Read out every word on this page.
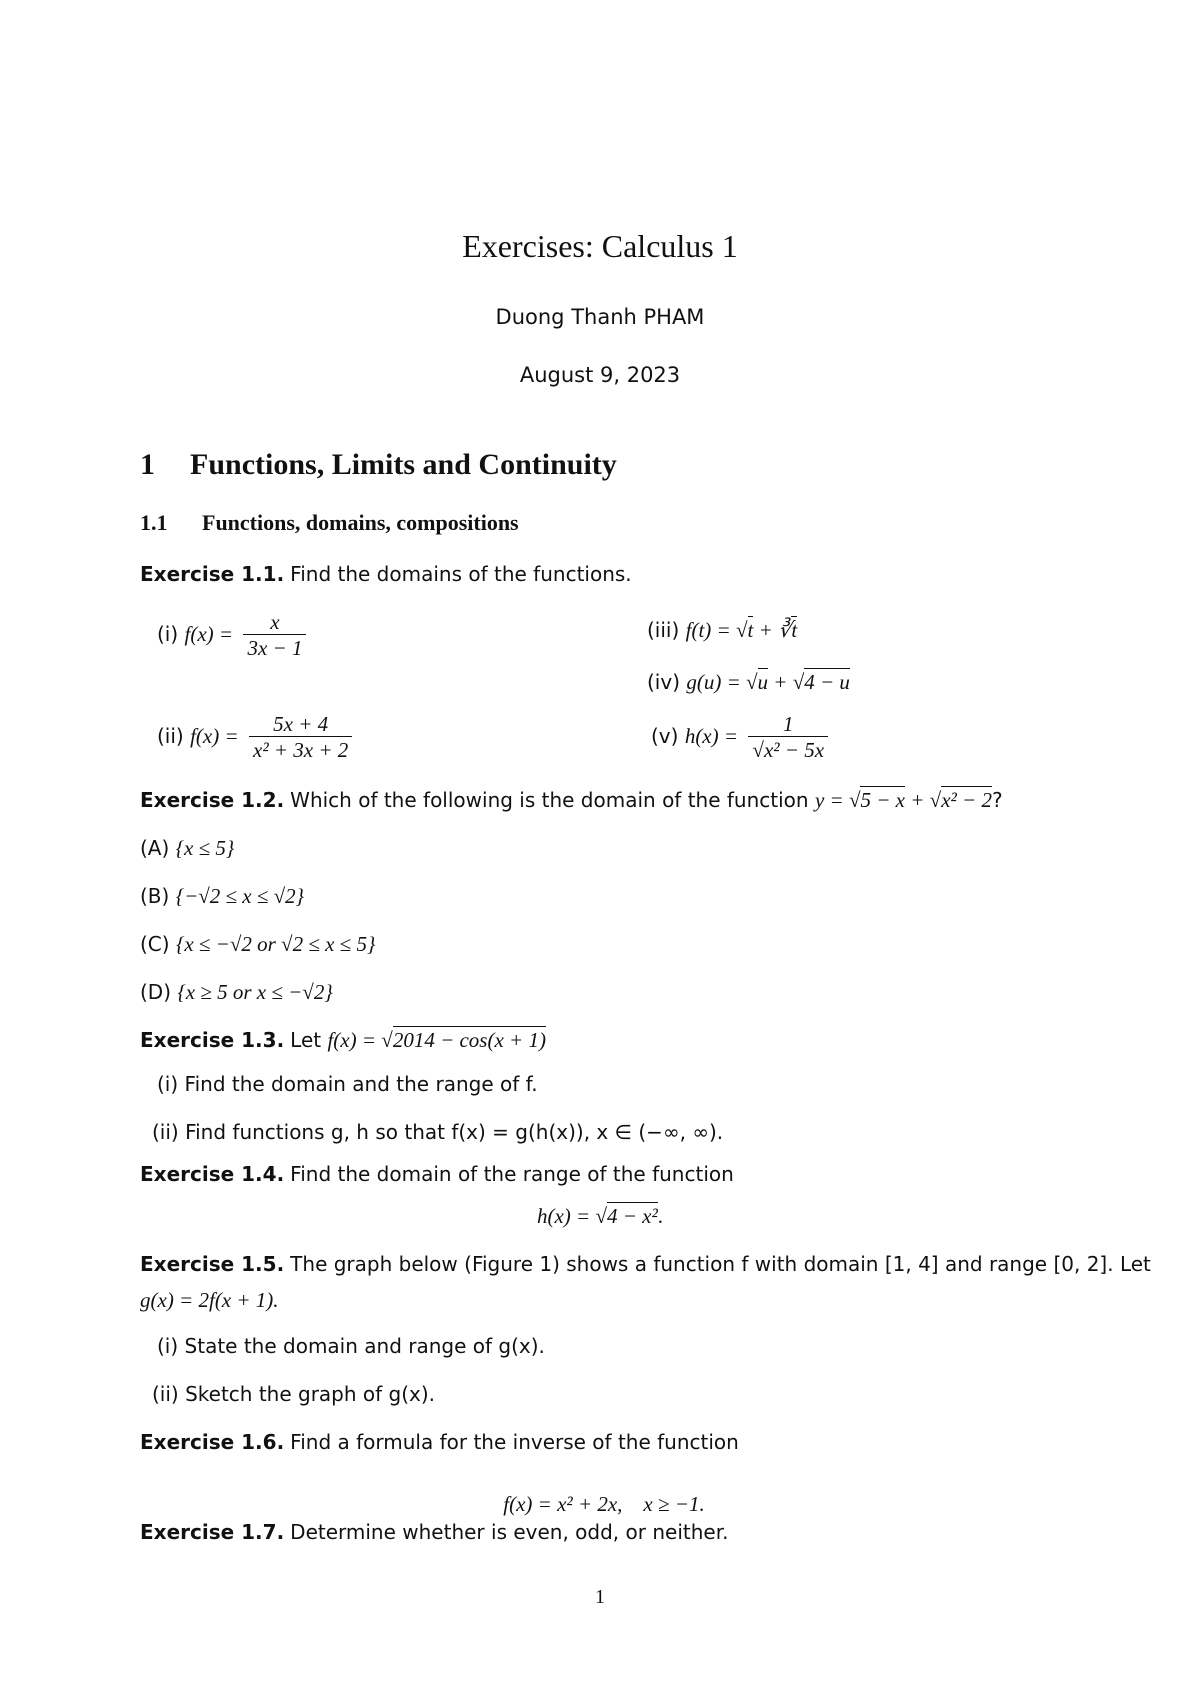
Exercises: Calculus 1
Duong Thanh PHAM
August 9, 2023
1 Functions, Limits and Continuity
1.1 Functions, domains, compositions
Exercise 1.1. Find the domains of the functions.
(i) $f(x) = \frac{x}{3x - 1}$
(ii) $f(x) = \frac{5x + 4}{\text{x² + 3x + 2}}$
(iii) f(t) = √t + ∛t
(iv) g(u) = √u + √4 − u
(v) $h(x) = \frac{1}{\text{√x² − 5x}}$
Exercise 1.2. Which of the following is the domain of the function y = √5 − x + √x² − 2?
(A) {x ≤ 5}
(B) {−√2 ≤ x ≤ √2}
(C) {x ≤ −√2 or √2 ≤ x ≤ 5}
(D) {x ≥ 5 or x ≤ −√2}
Exercise 1.3. Let f(x) = √2014 − cos(x + 1)
(i) Find the domain and the range of f.
(ii) Find functions g, h so that f(x) = g(h(x)), x ∈ (−∞, ∞).
Exercise 1.4. Find the domain of the range of the function
h(x) = √4 − x².
Exercise 1.5. The graph below (Figure 1) shows a function f with domain [1, 4] and range [0, 2]. Let
g(x) = 2f(x + 1).
(i) State the domain and range of g(x).
(ii) Sketch the graph of g(x).
Exercise 1.6. Find a formula for the inverse of the function

f(x) = x² + 2x,    x ≥ −1.

Exercise 1.7. Determine whether is even, odd, or neither.
1
